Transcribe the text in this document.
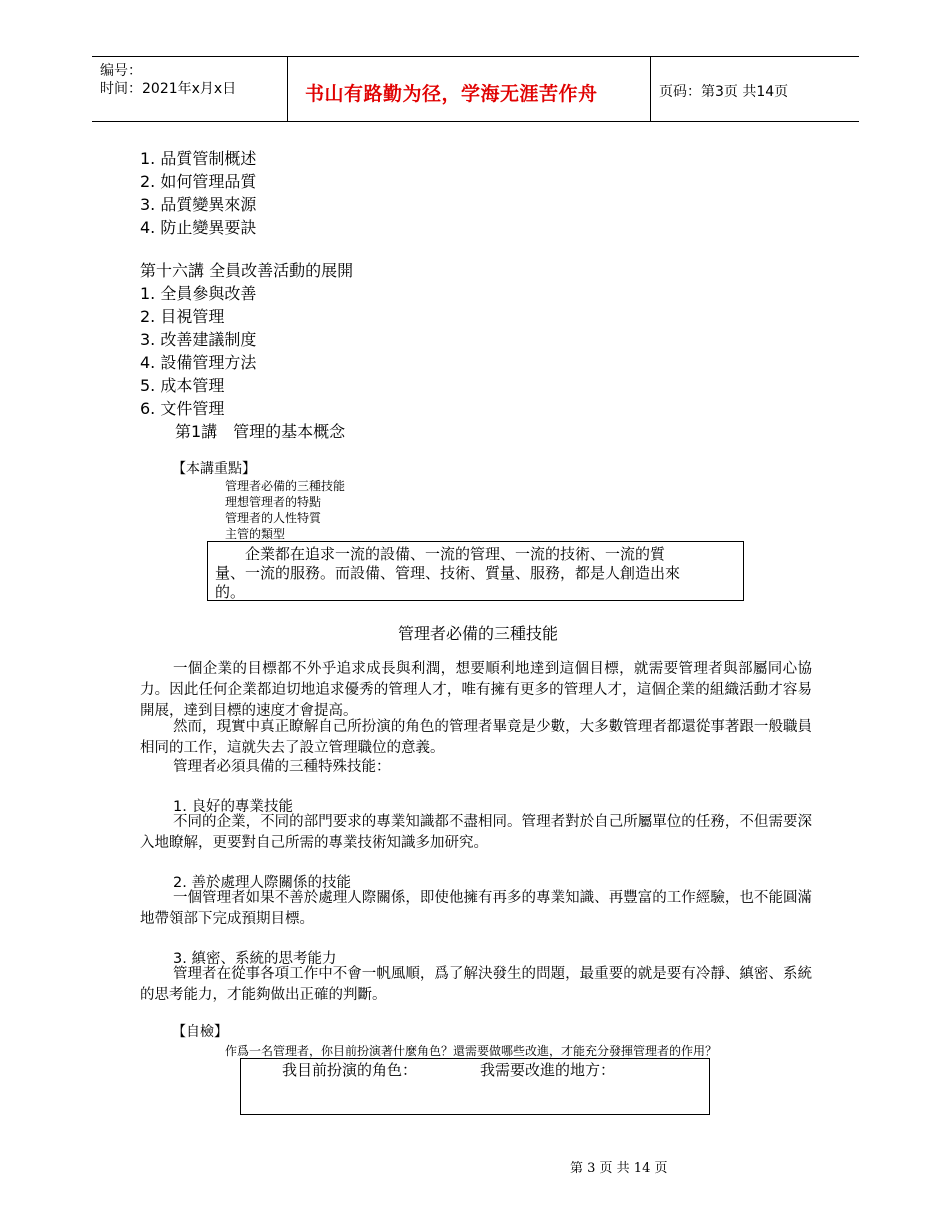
编号：
时间：2021年x月x日	书山有路勤为径，学海无涯苦作舟	页码：第3页 共14页
1. 品質管制概述
2. 如何管理品質
3. 品質變異來源
4. 防止變異要訣
第十六講 全員改善活動的展開
1. 全員參與改善
2. 目視管理
3. 改善建議制度
4. 設備管理方法
5. 成本管理
6. 文件管理
第1講　管理的基本概念
【本講重點】
管理者必備的三種技能
理想管理者的特點
管理者的人性特質
主管的類型
企業都在追求一流的設備、一流的管理、一流的技術、一流的質
量、一流的服務。而設備、管理、技術、質量、服務，都是人創造出來
的。
管理者必備的三種技能
一個企業的目標都不外乎追求成長與利潤，想要順利地達到這個目標，就需要管理者與部屬同心協力。因此任何企業都迫切地追求優秀的管理人才，唯有擁有更多的管理人才，這個企業的組織活動才容易開展，達到目標的速度才會提高。
然而，現實中真正瞭解自己所扮演的角色的管理者畢竟是少數，大多數管理者都還從事著跟一般職員相同的工作，這就失去了設立管理職位的意義。
管理者必須具備的三種特殊技能：
1. 良好的專業技能
不同的企業，不同的部門要求的專業知識都不盡相同。管理者對於自己所屬單位的任務，不但需要深入地瞭解，更要對自己所需的專業技術知識多加研究。
2. 善於處理人際關係的技能
一個管理者如果不善於處理人際關係，即使他擁有再多的專業知識、再豐富的工作經驗，也不能圓滿地帶領部下完成預期目標。
3. 縝密、系統的思考能力
管理者在從事各項工作中不會一帆風順，爲了解決發生的問題，最重要的就是要有冷靜、縝密、系統的思考能力，才能夠做出正確的判斷。
【自檢】
作爲一名管理者，你目前扮演著什麼角色？還需要做哪些改進，才能充分發揮管理者的作用？
我目前扮演的角色：	我需要改進的地方：
第 3 页 共 14 页
